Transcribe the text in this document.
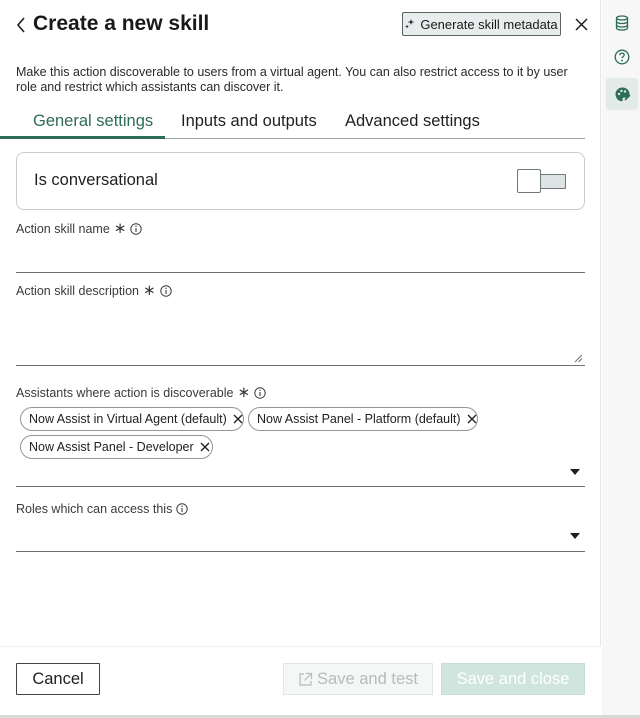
Create a new skill	Generate skill metadata
Make this action discoverable to users from a virtual agent. You can also restrict access to it by user role and restrict which assistants can discover it.
General settings Inputs and outputs Advanced settings
Is conversational
Action skill name ∗
Action skill description ∗
Assistants where action is discoverable ∗
Now Assist in Virtual Agent (default) Now Assist Panel - Platform (default)
Now Assist Panel - Developer
Roles which can access this
Cancel	Save and test	Save and close
